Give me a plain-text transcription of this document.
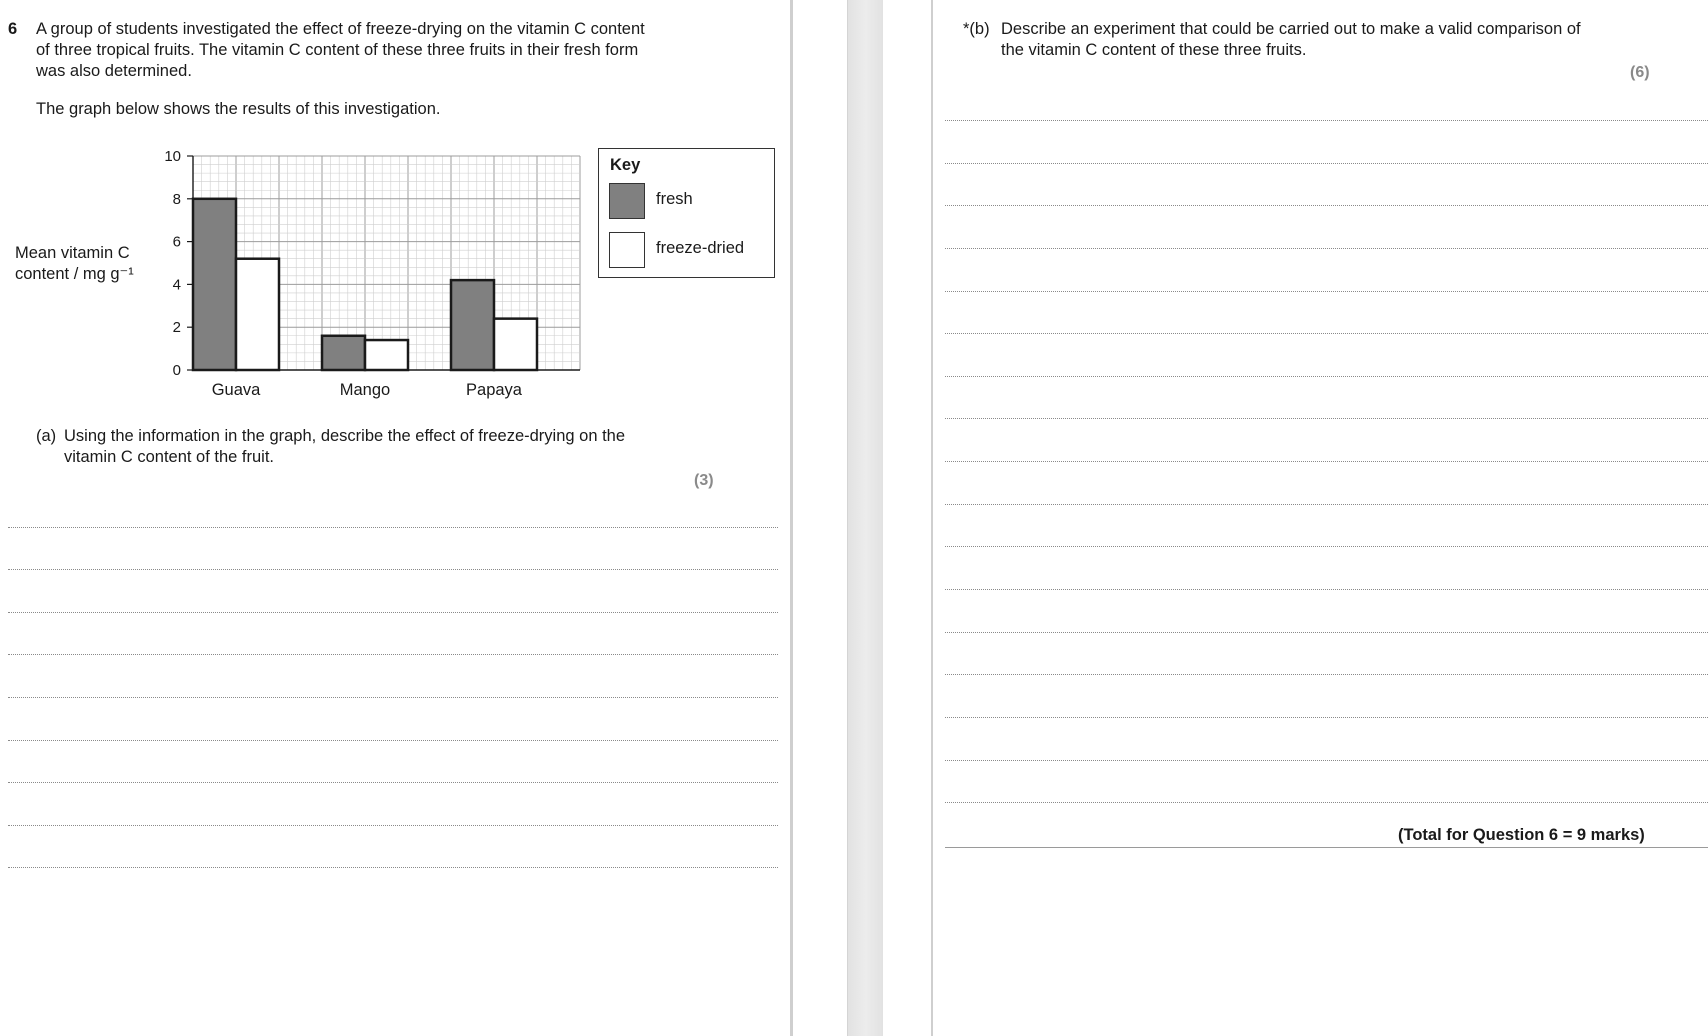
6 A group of students investigated the effect of freeze-drying on the vitamin C content
of three tropical fruits. The vitamin C content of these three fruits in their fresh form
was also determined.
The graph below shows the results of this investigation.
Mean vitamin C
content / mg g⁻¹
0
2
4
6
8
10
Guava	Mango	Papaya
Key
fresh
freeze-dried
(a) Using the information in the graph, describe the effect of freeze-drying on the
vitamin C content of the fruit.
(3)
*(b) Describe an experiment that could be carried out to make a valid comparison of
the vitamin C content of these three fruits.
(6)
(Total for Question 6 = 9 marks)
